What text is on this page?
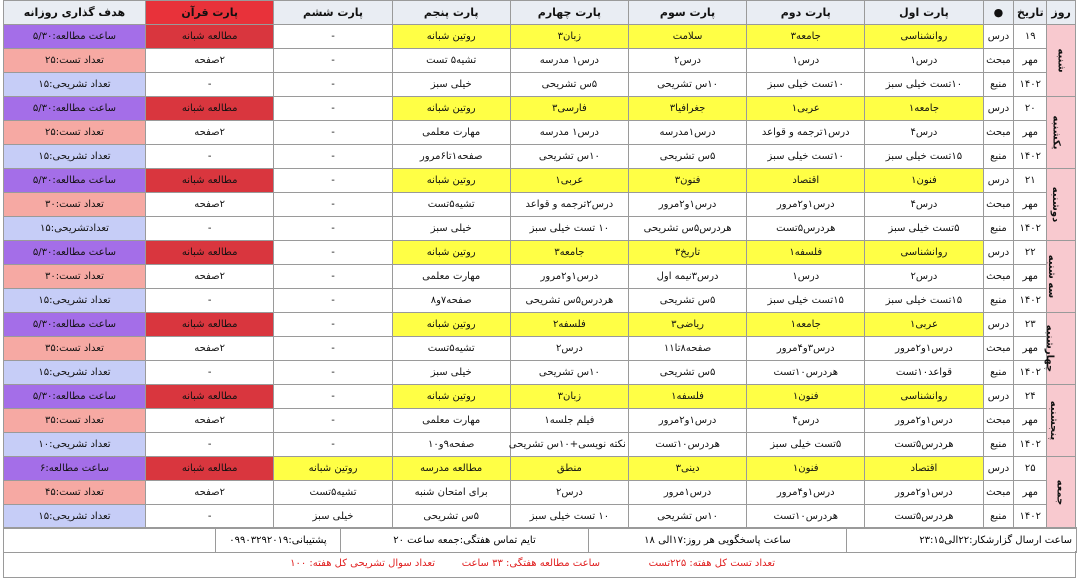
روز	تاریخ	●	پارت اول	پارت دوم	پارت سوم	پارت چهارم	پارت پنجم	پارت ششم	پارت قرآن	هدف گذاری روزانه
شنبه	۱۹	درس	روانشناسی	جامعه۳	سلامت	زبان۳	روتین شبانه	-	مطالعه شبانه	ساعت مطالعه:۵/۳۰
	مهر	مبحث	درس۱	درس۱	درس۲	درس۱ مدرسه	تشیه۵ تست	-	۲صفحه	تعداد تست:۲۵
	۱۴۰۲	منبع	۱۰تست خیلی سبز	۱۰تست خیلی سبز	۱۰س تشریحی	۵س تشریحی	خیلی سبز	-	-	تعداد تشریحی:۱۵
یکشنبه	۲۰	درس	جامعه۱	عربی۱	جغرافیا۳	فارسی۳	روتین شبانه	-	مطالعه شبانه	ساعت مطالعه:۵/۳۰
	مهر	مبحث	درس۴	درس۱ترجمه و قواعد	درس۱مدرسه	درس۱ مدرسه	مهارت معلمی	-	۲صفحه	تعداد تست:۲۵
	۱۴۰۲	منبع	۱۵تست خیلی سبز	۱۰تست خیلی سبز	۵س تشریحی	۱۰س تشریحی	صفحه۱تا۶مرور	-	-	تعداد تشریحی:۱۵
دوشنبه	۲۱	درس	فنون۱	اقتصاد	فنون۳	عربی۱	روتین شبانه	-	مطالعه شبانه	ساعت مطالعه:۵/۳۰
	مهر	مبحث	درس۴	درس۱و۲مرور	درس۱و۲مرور	درس۲ترجمه و قواعد	تشیه۵تست	-	۲صفحه	تعداد تست:۳۰
	۱۴۰۲	منبع	۵تست خیلی سبز	هردرس۵تست	هردرس۵س تشریحی	۱۰ تست خیلی سبز	خیلی سبز	-	-	تعدادتشریحی:۱۵
سه شنبه	۲۲	درس	روانشناسی	فلسفه۱	تاریخ۳	جامعه۳	روتین شبانه	-	مطالعه شبانه	ساعت مطالعه:۵/۳۰
	مهر	مبحث	درس۲	درس۱	درس۳نیمه اول	درس۱و۲مرور	مهارت معلمی	-	۲صفحه	تعداد تست:۳۰
	۱۴۰۲	منبع	۱۵تست خیلی سبز	۱۵تست خیلی سبز	۵س تشریحی	هردرس۵س تشریحی	صفحه۷و۸	-	-	تعداد تشریحی:۱۵
چهارشنبه	۲۳	درس	عربی۱	جامعه۱	ریاضی۳	فلسفه۲	روتین شبانه	-	مطالعه شبانه	ساعت مطالعه:۵/۳۰
	مهر	مبحث	درس۱و۲مرور	درس۳و۴مرور	صفحه۸تا۱۱	درس۲	تشیه۵تست	-	۲صفحه	تعداد تست:۳۵
	۱۴۰۲	منبع	قواعد۱۰تست	هردرس۱۰تست	۵س تشریحی	۱۰س تشریحی	خیلی سبز	-	-	تعداد تشریحی:۱۵
پنجشنبه	۲۴	درس	روانشناسی	فنون۱	فلسفه۱	زبان۳	روتین شبانه	-	مطالعه شبانه	ساعت مطالعه:۵/۳۰
	مهر	مبحث	درس۱و۲مرور	درس۴	درس۱و۲مرور	فیلم جلسه۱	مهارت معلمی	-	۲صفحه	تعداد تست:۳۵
	۱۴۰۲	منبع	هردرس۵تست	۵تست خیلی سبز	هردرس۱۰تست	نکته نویسی+۱۰س تشریحی	صفحه۹و۱۰	-	-	تعداد تشریحی:۱۰
جمعه	۲۵	درس	اقتصاد	فنون۱	دینی۳	منطق	مطالعه مدرسه	روتین شبانه	مطالعه شبانه	ساعت مطالعه:۶
	مهر	مبحث	درس۱و۲مرور	درس۱و۴مرور	درس۱مرور	درس۲	برای امتحان شنبه	تشیه۵تست	۲صفحه	تعداد تست:۴۵
	۱۴۰۲	منبع	هردرس۵تست	هردرس۱۰تست	۱۰س تشریحی	۱۰ تست خیلی سبز	۵س تشریحی	خیلی سبز	-	تعداد تشریحی:۱۵
ساعت ارسال گزارشکار:۲۲الی۲۳:۱۵	ساعت پاسخگویی هر روز:۱۷الی ۱۸	تایم تماس هفتگی:جمعه ساعت ۲۰	پشتیبانی:۰۹۹۰۳۲۹۲۰۱۹	
تعداد تست کل هفته: ۲۲۵تست
ساعت مطالعه هفتگی: ۳۳ ساعت
تعداد سوال تشریحی کل هفته: ۱۰۰
